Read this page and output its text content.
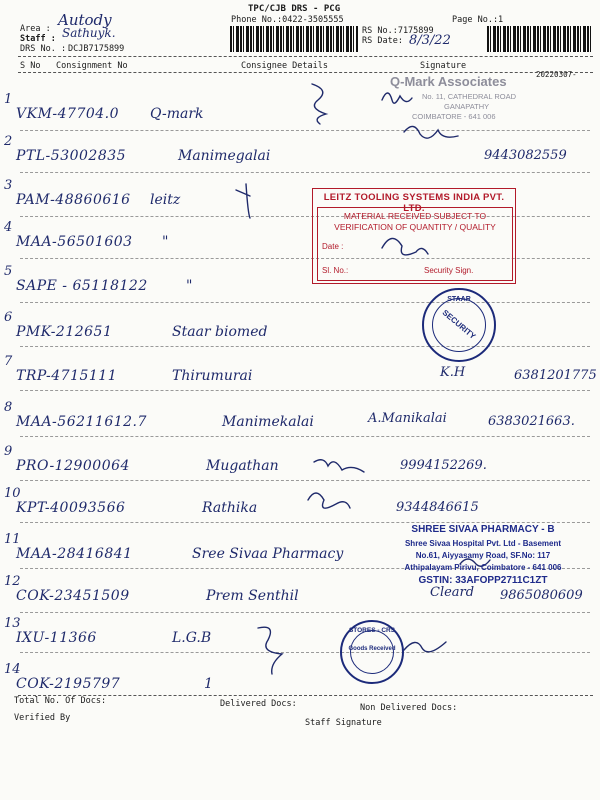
TPC/CJB DRS - PCG
Phone No.:0422-3505555
Area : Autody
Staff : Sathuyk.
DRS No. : DCJB7175899
RS No.:7175899
RS Date: 8/3/22
Page No.:1
S No Consignment No	Consignee Details	Signature
20220307-
Q-Mark Associates
No. 11, CATHEDRAL ROAD
GANAPATHY
COIMBATORE - 641 006
1
VKM-47704.0 Q-mark
2
PTL-53002835	Manimegalai	9443082559
3
PAM-48860616 leitz
4
MAA-56501603 "
5
SAPE - 65118122	"
6
PMK-212651	Staar biomed
7
TRP-4715111	Thirumurai	K.H	6381201775
8
MAA-56211612.7	Manimekalai	A.Manikalai	6383021663.
9
PRO-12900064	Mugathan	9994152269.
10
KPT-40093566	Rathika	9344846615
11
MAA-28416841	Sree Sivaa Pharmacy
12
COK-23451509	Prem Senthil	Cleard 9865080609
13
IXU-11366	L.G.B
14
COK-2195797	1
LEITZ TOOLING SYSTEMS INDIA PVT. LTD.
MATERIAL RECEIVED SUBJECT TO
VERIFICATION OF QUANTITY / QUALITY
Date :
Sl. No.:	Security Sign.
STAAR
SECURITY
STORES - CRS
Goods Received
SHREE SIVAA PHARMACY - B
Shree Sivaa Hospital Pvt. Ltd - Basement
No.61, Aiyyasamy Road, SF.No: 117
Athipalayam Pirivu, Coimbatore - 641 006
GSTIN: 33AFOPP2711C1ZT
Total No. Of Docs:	Delivered Docs:	Non Delivered Docs:
Verified By	Staff Signature
